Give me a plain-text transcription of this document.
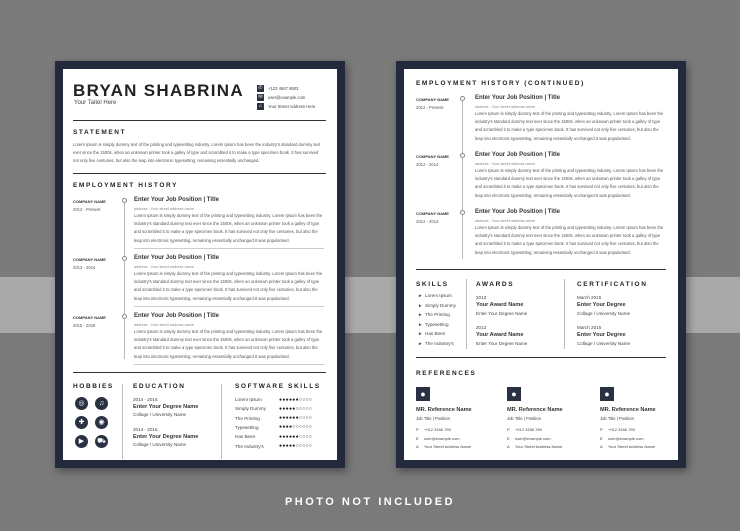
BRYAN SHABRINA
Your Taitel Here
✆	+123 4567 8903
✉	user@example.com
⌂	Your Street Address Here
STATEMENT
Lorem Ipsum is simply dummy text of the printing and typesetting industry. Lorem Ipsum has been the industry's standard dummy text
ever since the 1500s, when an unknown printer took a galley of type and scrambled it to make a type specimen book. It has survived
not only five centuries, but also the leap into electronic typesetting, remaining essentially unchanged.
EMPLOYMENT HISTORY
HOBBIES
◎	♫
✚	◉
▶	⛟
EDUCATION
2014 - 2016
Enter Your Degree Name
Collage / University Name
2014 - 2016
Enter Your Degree Name
Collage / University Name
SOFTWARE SKILLS
COMPANY NAME
2012 - Present
Enter Your Job Position | Title
address : Your street address name
Lorem Ipsum is simply dummy text of the printing and typesetting industry. Lorem Ipsum has been the
industry's standard dummy text ever since the 1500s, when an unknown printer took a galley of type
and scrambled it to make a type specimen book. It has survived not only five centuries, but also the
leap into electronic typesetting, remaining essentially unchanged.It was popularised.
COMPANY NAME
2013 - 2014
Enter Your Job Position | Title
address : Your street address name
Lorem Ipsum is simply dummy text of the printing and typesetting industry. Lorem Ipsum has been the
industry's standard dummy text ever since the 1500s, when an unknown printer took a galley of type
and scrambled it to make a type specimen book. It has survived not only five centuries, but also the
leap into electronic typesetting, remaining essentially unchanged.It was popularised.
COMPANY NAME
2015 - 2018
Enter Your Job Position | Title
address : Your street address name
Lorem Ipsum is simply dummy text of the printing and typesetting industry. Lorem Ipsum has been the
industry's standard dummy text ever since the 1500s, when an unknown printer took a galley of type
and scrambled it to make a type specimen book. It has survived not only five centuries, but also the
leap into electronic typesetting, remaining essentially unchanged.It was popularised.
Lorem Ipsum	●●●●●●○○○○
Simply Dummy	●●●●●○○○○○
The Printing	●●●●●●○○○○
Typesetting	●●●●○○○○○○
Has Been	●●●●●●○○○○
The Industry's	●●●●●○○○○○
EMPLOYMENT HISTORY (CONTINUED)
SKILLS	AWARDS
2013
Your Award Name
Enter Your Degree Name
2013
Your Award Name
Enter Your Degree Name
CERTIFICATION
March 2015
Enter Your Degree
Collage / University Name
March 2015
Enter Your Degree
Collage / University Name
REFERENCES
COMPANY NAME
2012 - Present
Enter Your Job Position | Title
address : Your street address name
Lorem Ipsum is simply dummy text of the printing and typesetting industry. Lorem Ipsum has been the
industry's standard dummy text ever since the 1500s, when an unknown printer took a galley of type
and scrambled it to make a type specimen book. It has survived not only five centuries, but also the
leap into electronic typesetting, remaining essentially unchanged.It was popularised.
COMPANY NAME
2012 - 2014
Enter Your Job Position | Title
address : Your street address name
Lorem Ipsum is simply dummy text of the printing and typesetting industry. Lorem Ipsum has been the
industry's standard dummy text ever since the 1500s, when an unknown printer took a galley of type
and scrambled it to make a type specimen book. It has survived not only five centuries, but also the
leap into electronic typesetting, remaining essentially unchanged.It was popularised.
COMPANY NAME
2012 - 2014
Enter Your Job Position | Title
address : Your street address name
Lorem Ipsum is simply dummy text of the printing and typesetting industry. Lorem Ipsum has been the
industry's standard dummy text ever since the 1500s, when an unknown printer took a galley of type
and scrambled it to make a type specimen book. It has survived not only five centuries, but also the
leap into electronic typesetting, remaining essentially unchanged.It was popularised.
► Lorem Ipsum
► Simply Dummy
► The Printing
► Typesetting
► Has Been
► The Industry's
●
MR. Reference Name
Job Title | Position
P +012 3456 789
E user@example.com
A Your Street Address Name
●
MR. Reference Name
Job Title | Position
P +012 3456 789
E user@example.com
A Your Street Address Name
●
MR. Reference Name
Job Title | Position
P +012 3456 789
E user@example.com
A Your Street Address Name
PHOTO NOT INCLUDED
